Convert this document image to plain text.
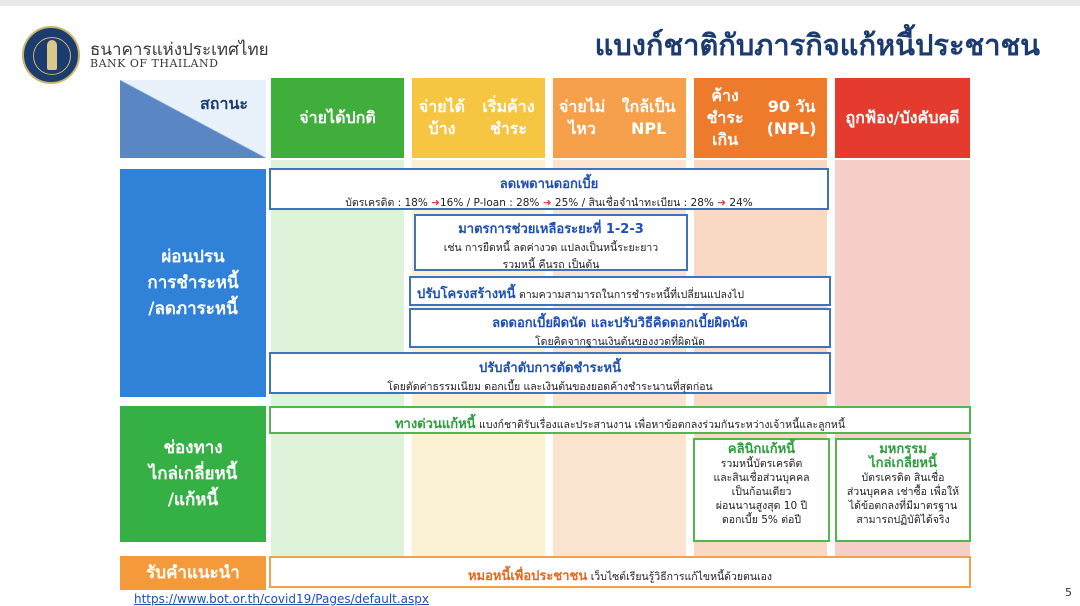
ธนาคารแห่งประเทศไทย
BANK OF THAILAND
แบงก์ชาติกับภารกิจแก้หนี้ประชาชน
สถานะ
จ่ายได้ปกติ
จ่ายได้บ้าง
เริ่มค้างชำระ
จ่ายไม่ไหว
ใกล้เป็น NPL
ค้างชำระเกิน
90 วัน (NPL)
ถูกฟ้อง/ บังคับคดี
ผ่อนปรน
การชำระหนี้
/ลดภาระหนี้
ช่องทาง
ไกล่เกลี่ยหนี้
/แก้หนี้
รับคำแนะนำ
ลดเพดานดอกเบี้ย
บัตรเครดิต : 18% ➜16% / P-loan : 28% ➜ 25% / สินเชื่อจำนำทะเบียน : 28% ➜ 24%
มาตรการช่วยเหลือระยะที่ 1-2-3
เช่น การยืดหนี้ ลดค่างวด แปลงเป็นหนี้ระยะยาว
รวมหนี้ คืนรถ เป็นต้น
ปรับโครงสร้างหนี้ ตามความสามารถในการชำระหนี้ที่เปลี่ยนแปลงไป
ลดดอกเบี้ยผิดนัด และปรับวิธีคิดดอกเบี้ยผิดนัด
โดยคิดจากฐานเงินต้นของงวดที่ผิดนัด
ปรับลำดับการตัดชำระหนี้
โดยตัดค่าธรรมเนียม ดอกเบี้ย และเงินต้นของยอดค้างชำระนานที่สุดก่อน
ทางด่วนแก้หนี้ แบงก์ชาติรับเรื่องและประสานงาน เพื่อหาข้อตกลงร่วมกันระหว่างเจ้าหนี้และลูกหนี้
คลินิกแก้หนี้
รวมหนี้บัตรเครดิต
และสินเชื่อส่วนบุคคล
เป็นก้อนเดียว
ผ่อนนานสูงสุด 10 ปี
ดอกเบี้ย 5% ต่อปี
มหกรรม
ไกล่เกลี่ยหนี้
บัตรเครดิต สินเชื่อ
ส่วนบุคคล เช่าซื้อ เพื่อให้
ได้ข้อตกลงที่มีมาตรฐาน
สามารถปฏิบัติได้จริง
หมอหนี้เพื่อประชาชน เว็บไซต์เรียนรู้วิธีการแก้ไขหนี้ด้วยตนเอง
https://www.bot.or.th/covid19/Pages/default.aspx	5
